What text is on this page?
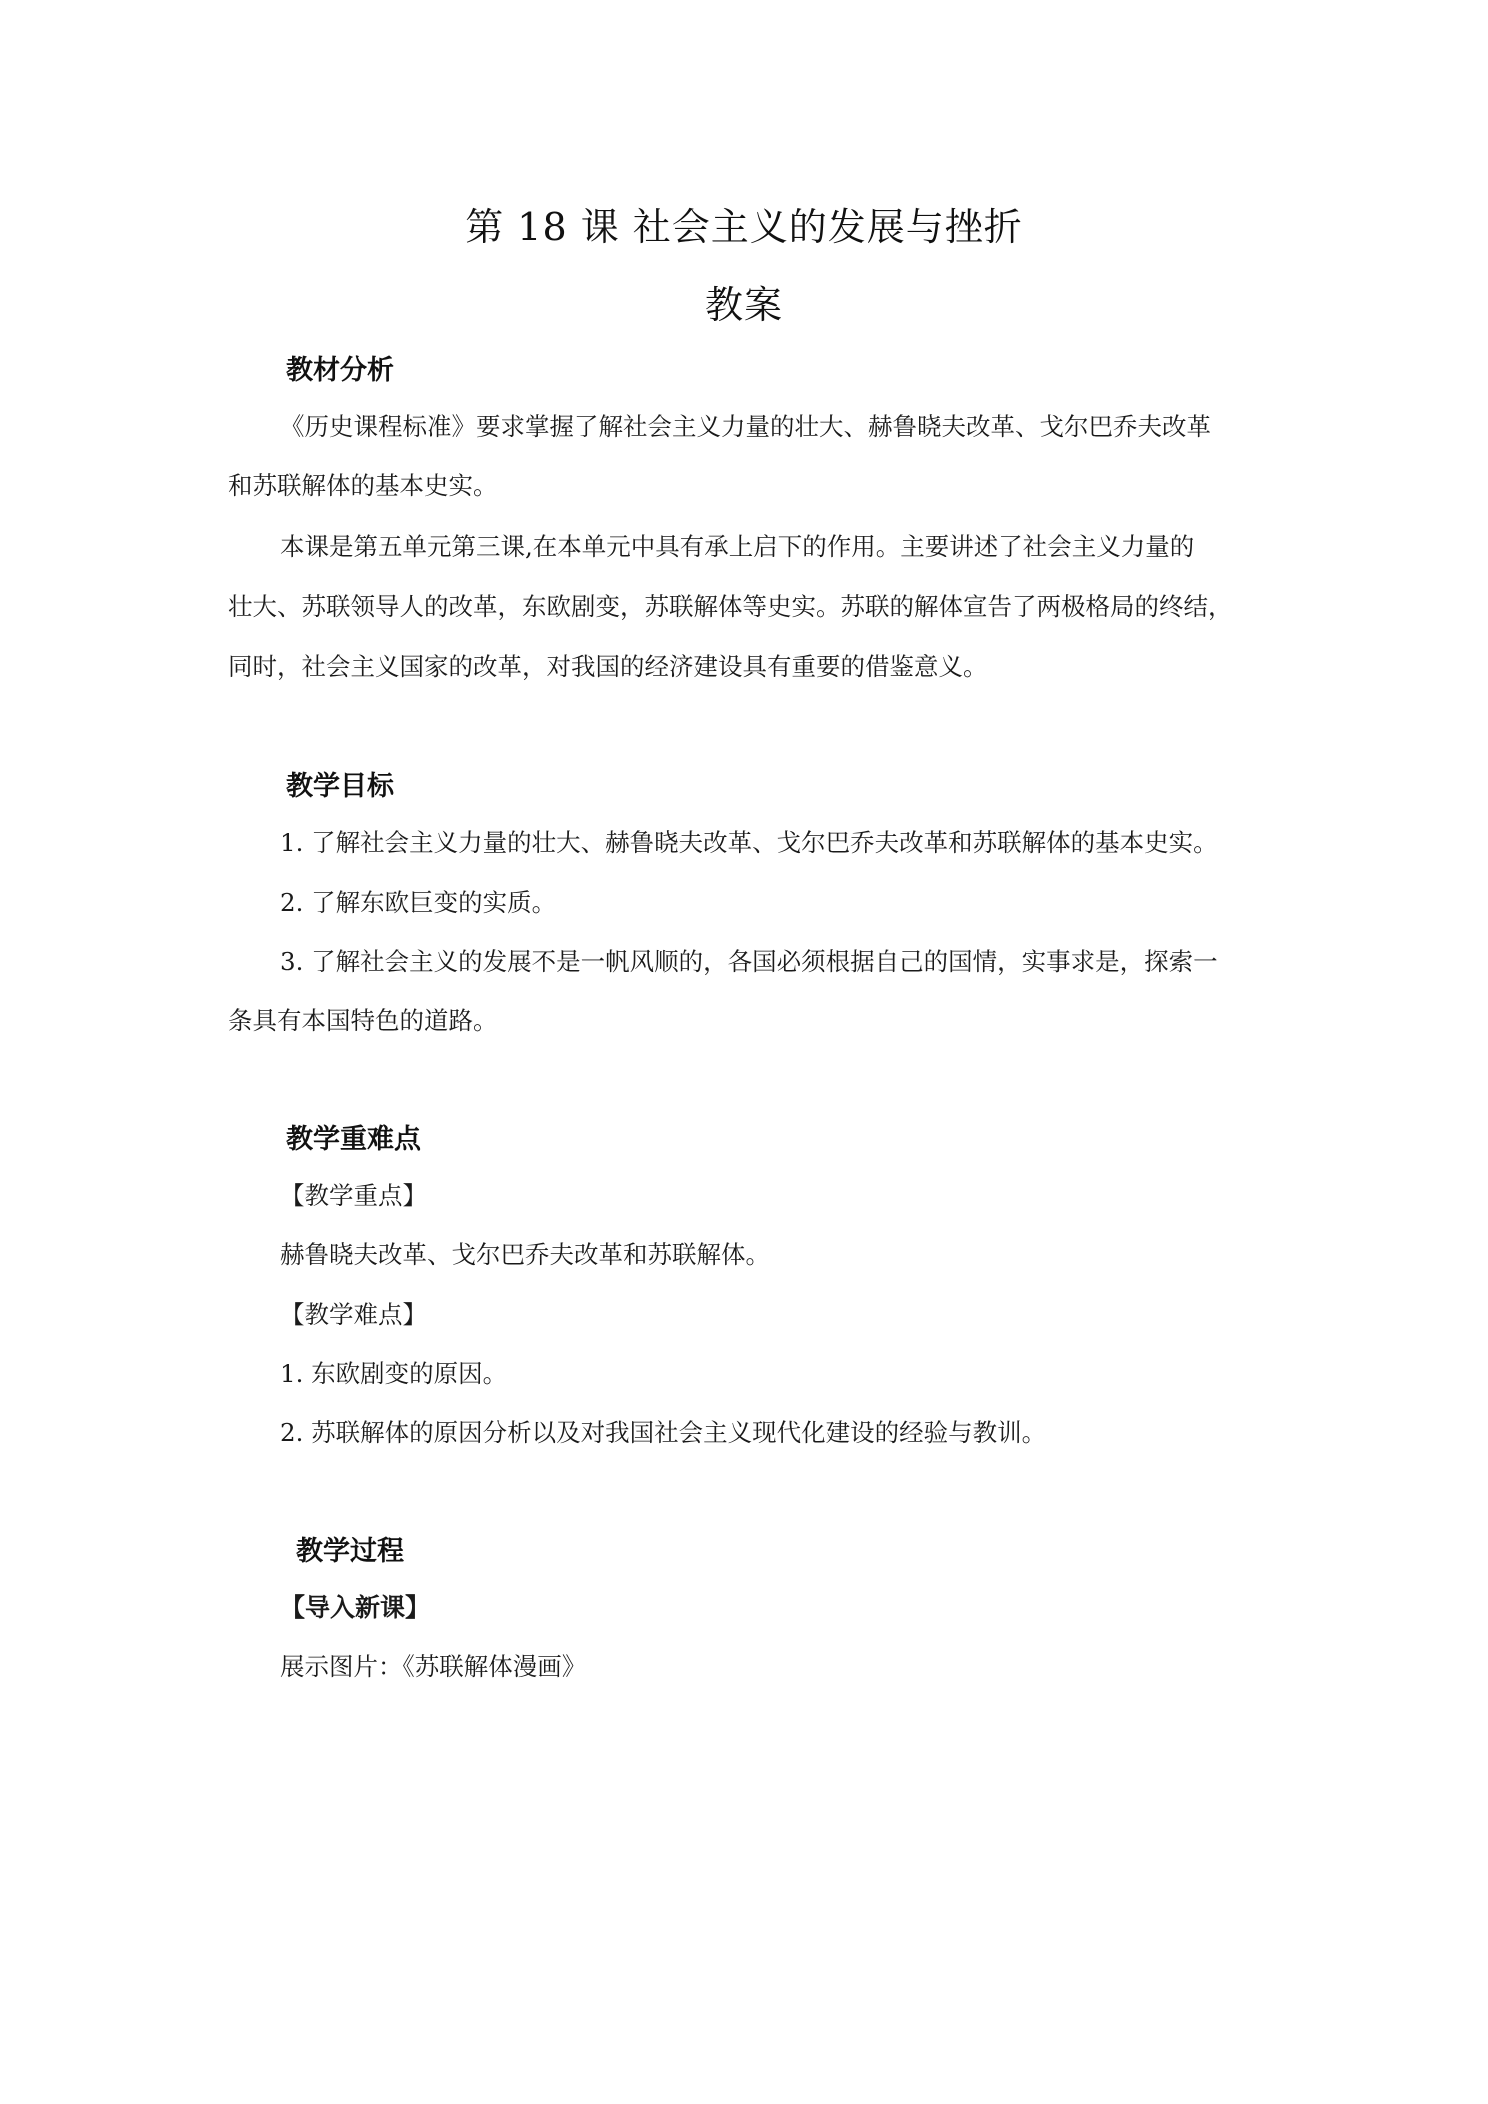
第 18 课 社会主义的发展与挫折
教案
教材分析

《历史课程标准》要求掌握了解社会主义力量的壮大、赫鲁晓夫改革、戈尔巴乔夫改革

和苏联解体的基本史实。

本课是第五单元第三课,在本单元中具有承上启下的作用。主要讲述了社会主义力量的

壮大、苏联领导人的改革，东欧剧变，苏联解体等史实。苏联的解体宣告了两极格局的终结，

同时，社会主义国家的改革，对我国的经济建设具有重要的借鉴意义。

教学目标

1. 了解社会主义力量的壮大、赫鲁晓夫改革、戈尔巴乔夫改革和苏联解体的基本史实。

2. 了解东欧巨变的实质。

3. 了解社会主义的发展不是一帆风顺的，各国必须根据自己的国情，实事求是，探索一

条具有本国特色的道路。

教学重难点

【教学重点】

赫鲁晓夫改革、戈尔巴乔夫改革和苏联解体。

【教学难点】

1. 东欧剧变的原因。

2. 苏联解体的原因分析以及对我国社会主义现代化建设的经验与教训。

教学过程

【导入新课】

展示图片：《苏联解体漫画》
